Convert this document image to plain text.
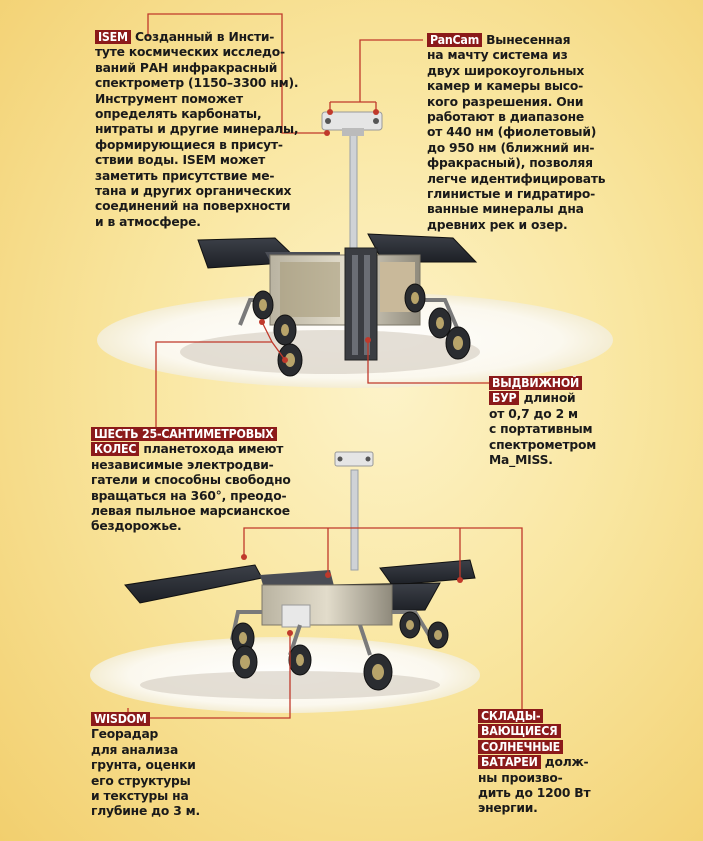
ISEM Созданный в Инсти-
туте космических исследо-
ваний РАН инфракрасный
спектрометр (1150–3300 нм).
Инструмент поможет
определять карбонаты,
нитраты и другие минералы,
формирующиеся в присут-
ствии воды. ISEM может
заметить присутствие ме-
тана и других органических
соединений на поверхности
и в атмосфере.
PanCam Вынесенная
на мачту система из
двух широкоугольных
камер и камеры высо-
кого разрешения. Они
работают в диапазоне
от 440 нм (фиолетовый)
до 950 нм (ближний ин-
фракрасный), позволяя
легче идентифицировать
глинистые и гидратиро-
ванные минералы дна
древних рек и озер.
ВЫДВИЖНОЙ
БУР длиной
от 0,7 до 2 м
с портативным
спектрометром
Ma_MISS.
ШЕСТЬ 25-САНТИМЕТРОВЫХ
КОЛЕС планетохода имеют
независимые электродви-
гатели и способны свободно
вращаться на 360°, преодо-
левая пыльное марсианское
бездорожье.
WISDOM
Георадар
для анализа
грунта, оценки
его структуры
и текстуры на
глубине до 3 м.
СКЛАДЫ-
ВАЮЩИЕСЯ
СОЛНЕЧНЫЕ
БАТАРЕИ долж-
ны произво-
дить до 1200 Вт
энергии.
